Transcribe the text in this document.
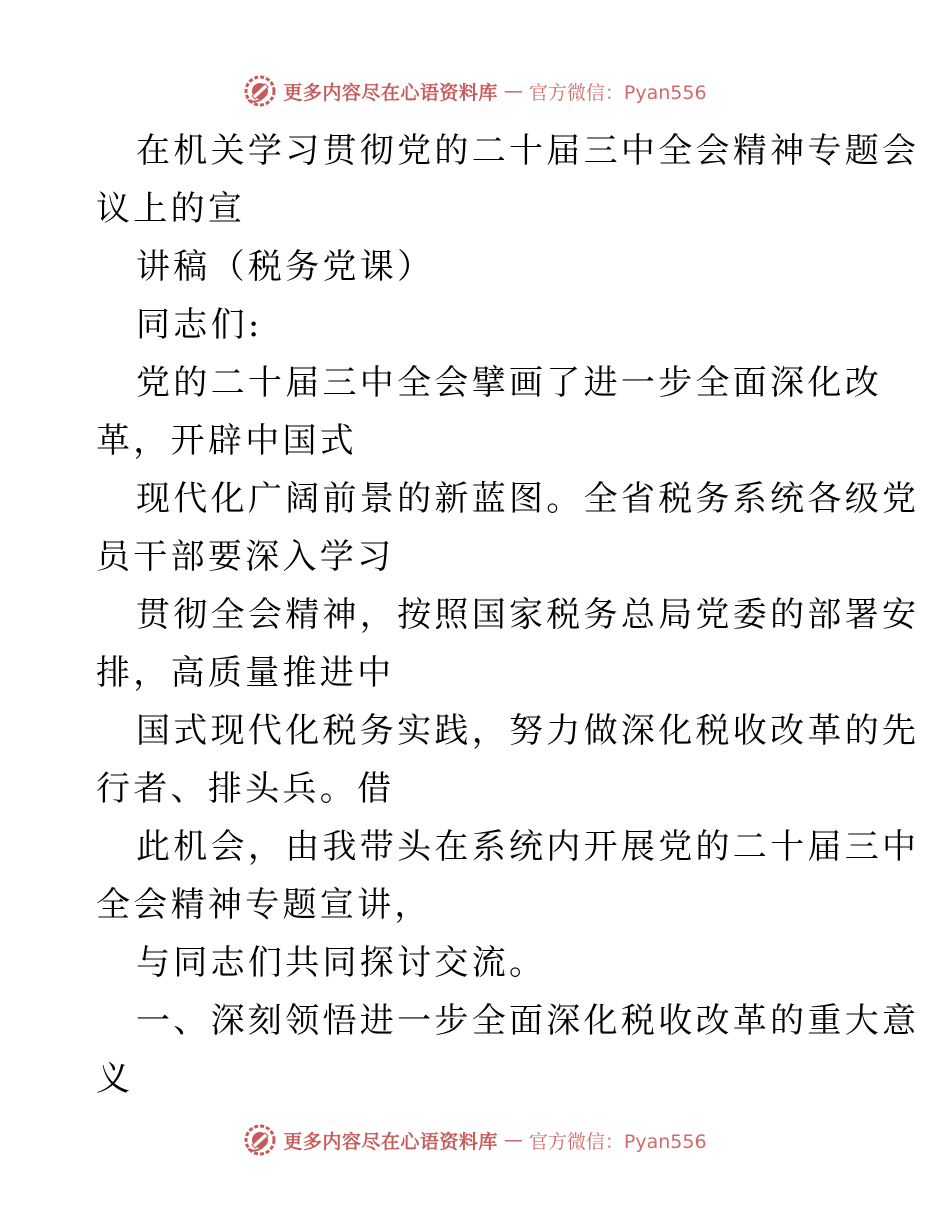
更多内容尽在心语资料库 — 官方微信：Pyan556
在机关学习贯彻党的二十届三中全会精神专题会
议上的宣
讲稿（税务党课）
同志们:
党的二十届三中全会擘画了进一步全面深化改
革，开辟中国式
现代化广阔前景的新蓝图。全省税务系统各级党
员干部要深入学习
贯彻全会精神，按照国家税务总局党委的部署安
排，高质量推进中
国式现代化税务实践，努力做深化税收改革的先
行者、排头兵。借
此机会，由我带头在系统内开展党的二十届三中
全会精神专题宣讲，
与同志们共同探讨交流。
一、深刻领悟进一步全面深化税收改革的重大意
义
更多内容尽在心语资料库 — 官方微信：Pyan556
